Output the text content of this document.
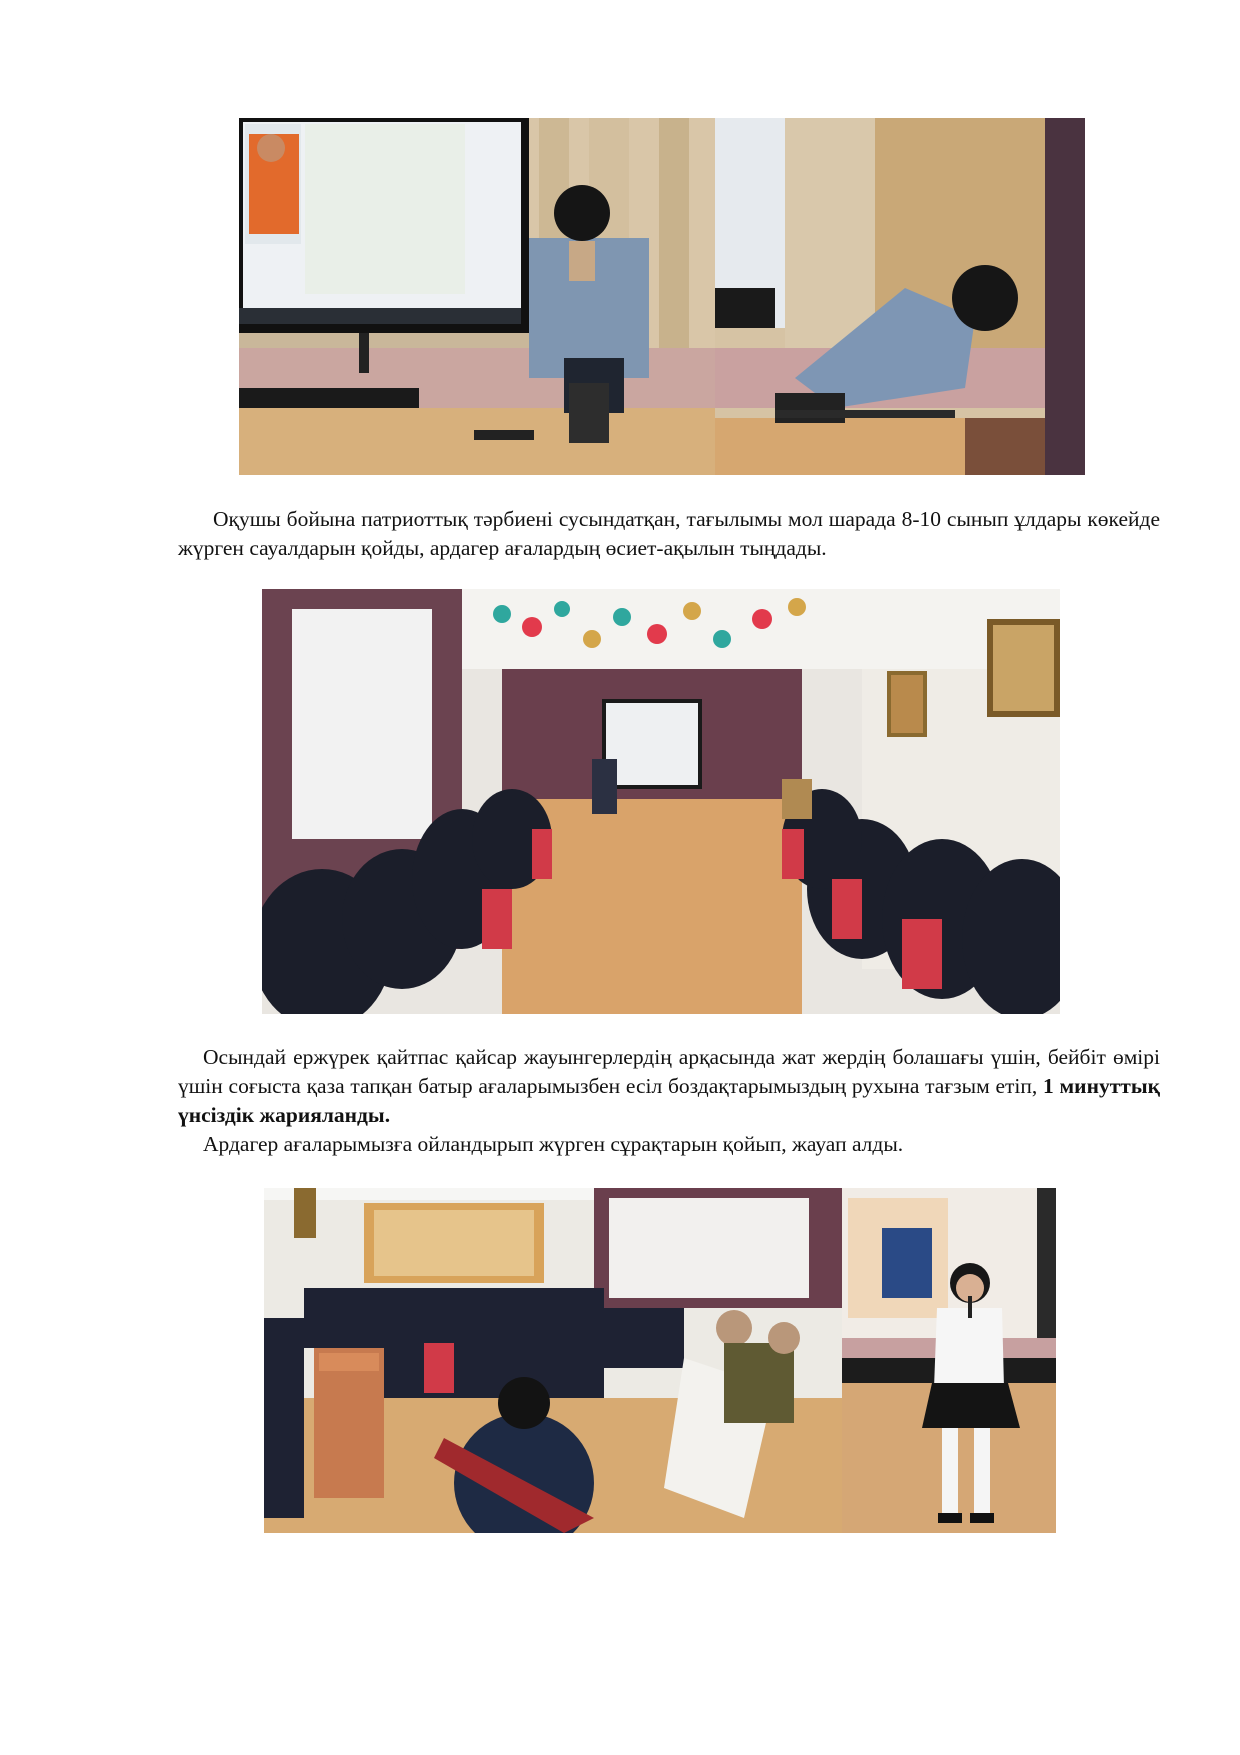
Оқушы бойына патриоттық тәрбиені сусындатқан, тағылымы мол шарада 8-10 сынып ұлдары көкейде жүрген сауалдарын қойды, ардагер ағалардың өсиет-ақылын тыңдады.

Осындай ержүрек қайтпас қайсар жауынгерлердің арқасында жат жердің болашағы үшін, бейбіт өмірі үшін соғыста қаза тапқан батыр ағаларымызбен есіл боздақтарымыздың рухына тағзым етіп, 1 минуттық үнсіздік жарияланды.

Ардагер ағаларымызға ойландырып жүрген сұрақтарын қойып, жауап алды.
